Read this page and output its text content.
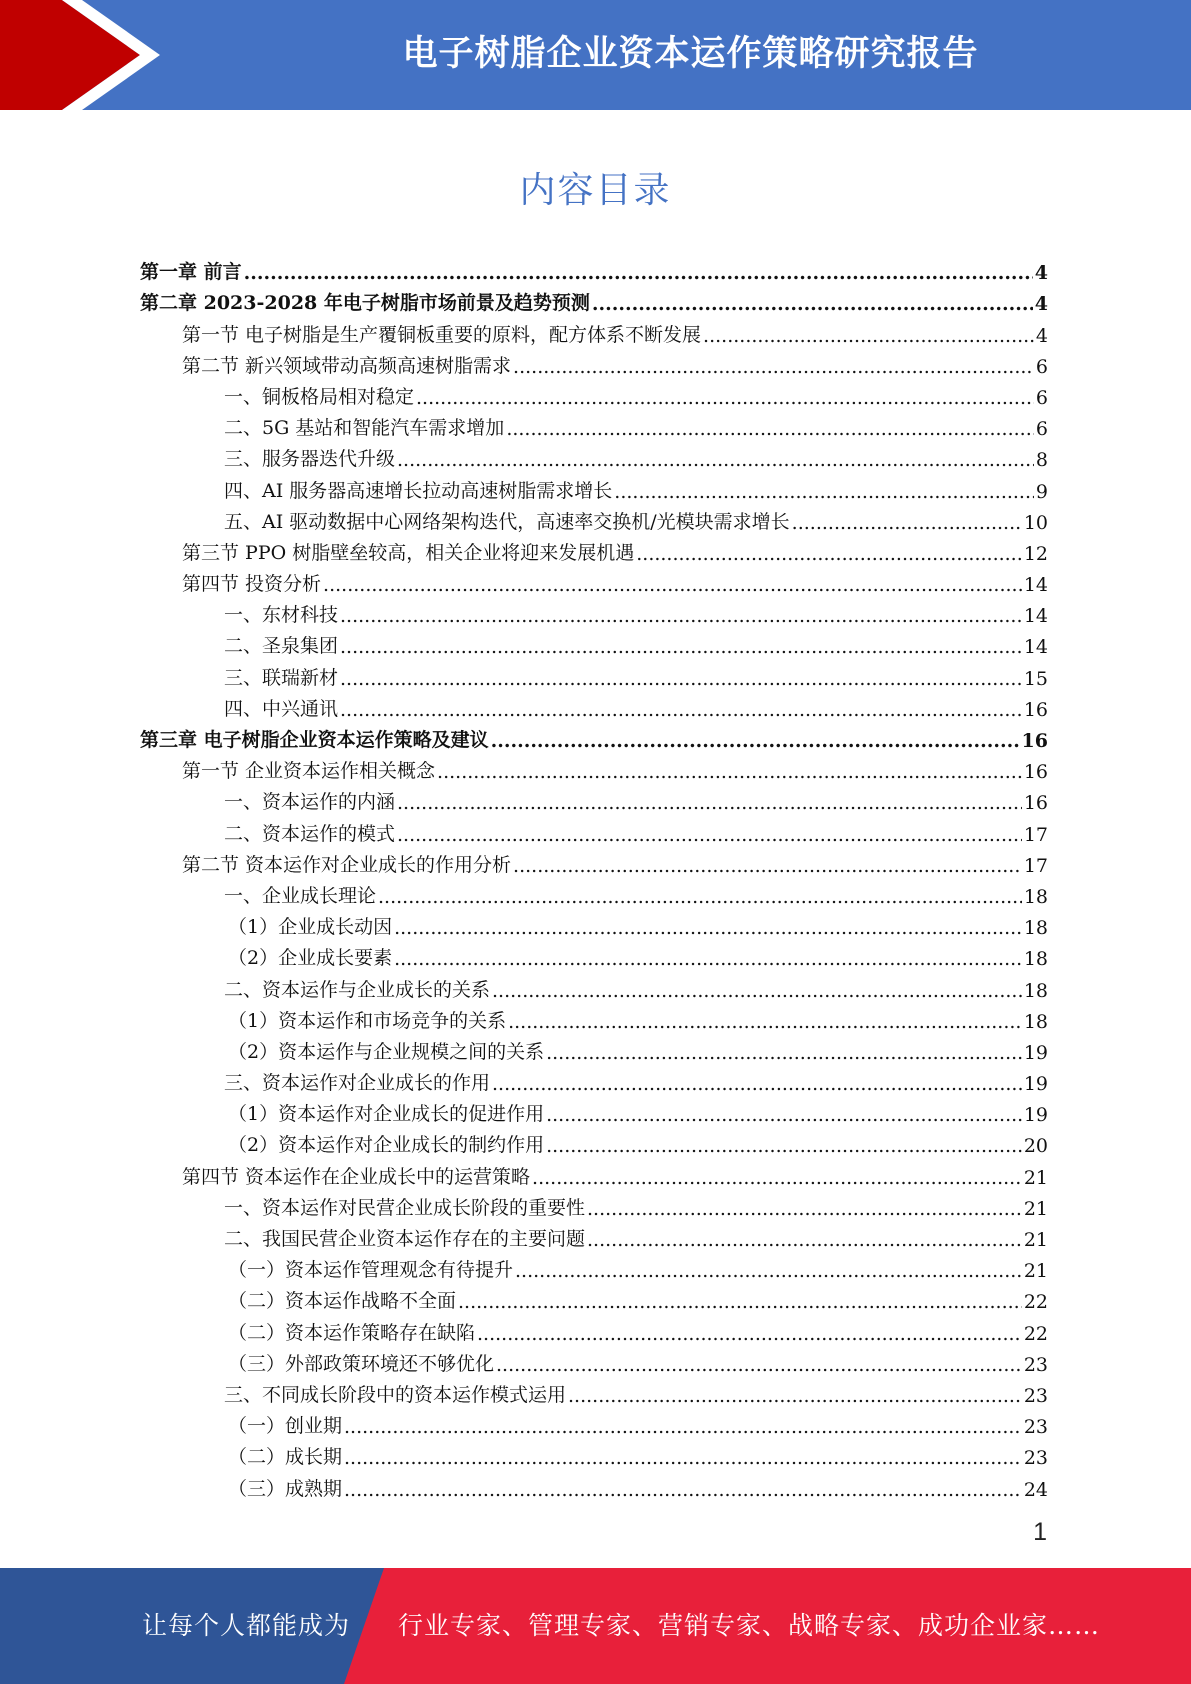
电子树脂企业资本运作策略研究报告
内容目录
第一章 前言 .....	4
第二章 2023-2028 年电子树脂市场前景及趋势预测 .....	4
第一节 电子树脂是生产覆铜板重要的原料，配方体系不断发展 .....	4
第二节 新兴领域带动高频高速树脂需求 .....	6
一、铜板格局相对稳定 .....	6
二、5G 基站和智能汽车需求增加 .....	6
三、服务器迭代升级 .....	8
四、AI 服务器高速增长拉动高速树脂需求增长 .....	9
五、AI 驱动数据中心网络架构迭代，高速率交换机/光模块需求增长 .....	10
第三节 PPO 树脂壁垒较高，相关企业将迎来发展机遇 .....	12
第四节 投资分析 .....	14
一、东材科技 .....	14
二、圣泉集团 .....	14
三、联瑞新材 .....	15
四、中兴通讯 .....	16
第三章 电子树脂企业资本运作策略及建议 .....	16
第一节 企业资本运作相关概念 .....	16
一、资本运作的内涵 .....	16
二、资本运作的模式 .....	17
第二节 资本运作对企业成长的作用分析 .....	17
一、企业成长理论 .....	18
（1）企业成长动因 .....	18
（2）企业成长要素 .....	18
二、资本运作与企业成长的关系 .....	18
（1）资本运作和市场竞争的关系 .....	18
（2）资本运作与企业规模之间的关系 .....	19
三、资本运作对企业成长的作用 .....	19
（1）资本运作对企业成长的促进作用 .....	19
（2）资本运作对企业成长的制约作用 .....	20
第四节 资本运作在企业成长中的运营策略 .....	21
一、资本运作对民营企业成长阶段的重要性 .....	21
二、我国民营企业资本运作存在的主要问题 .....	21
（一）资本运作管理观念有待提升 .....	21
（二）资本运作战略不全面 .....	22
（二）资本运作策略存在缺陷 .....	22
（三）外部政策环境还不够优化 .....	23
三、不同成长阶段中的资本运作模式运用 .....	23
（一）创业期 .....	23
（二）成长期 .....	23
（三）成熟期 .....	24
1
让每个人都能成为 行业专家、管理专家、营销专家、战略专家、成功企业家……
